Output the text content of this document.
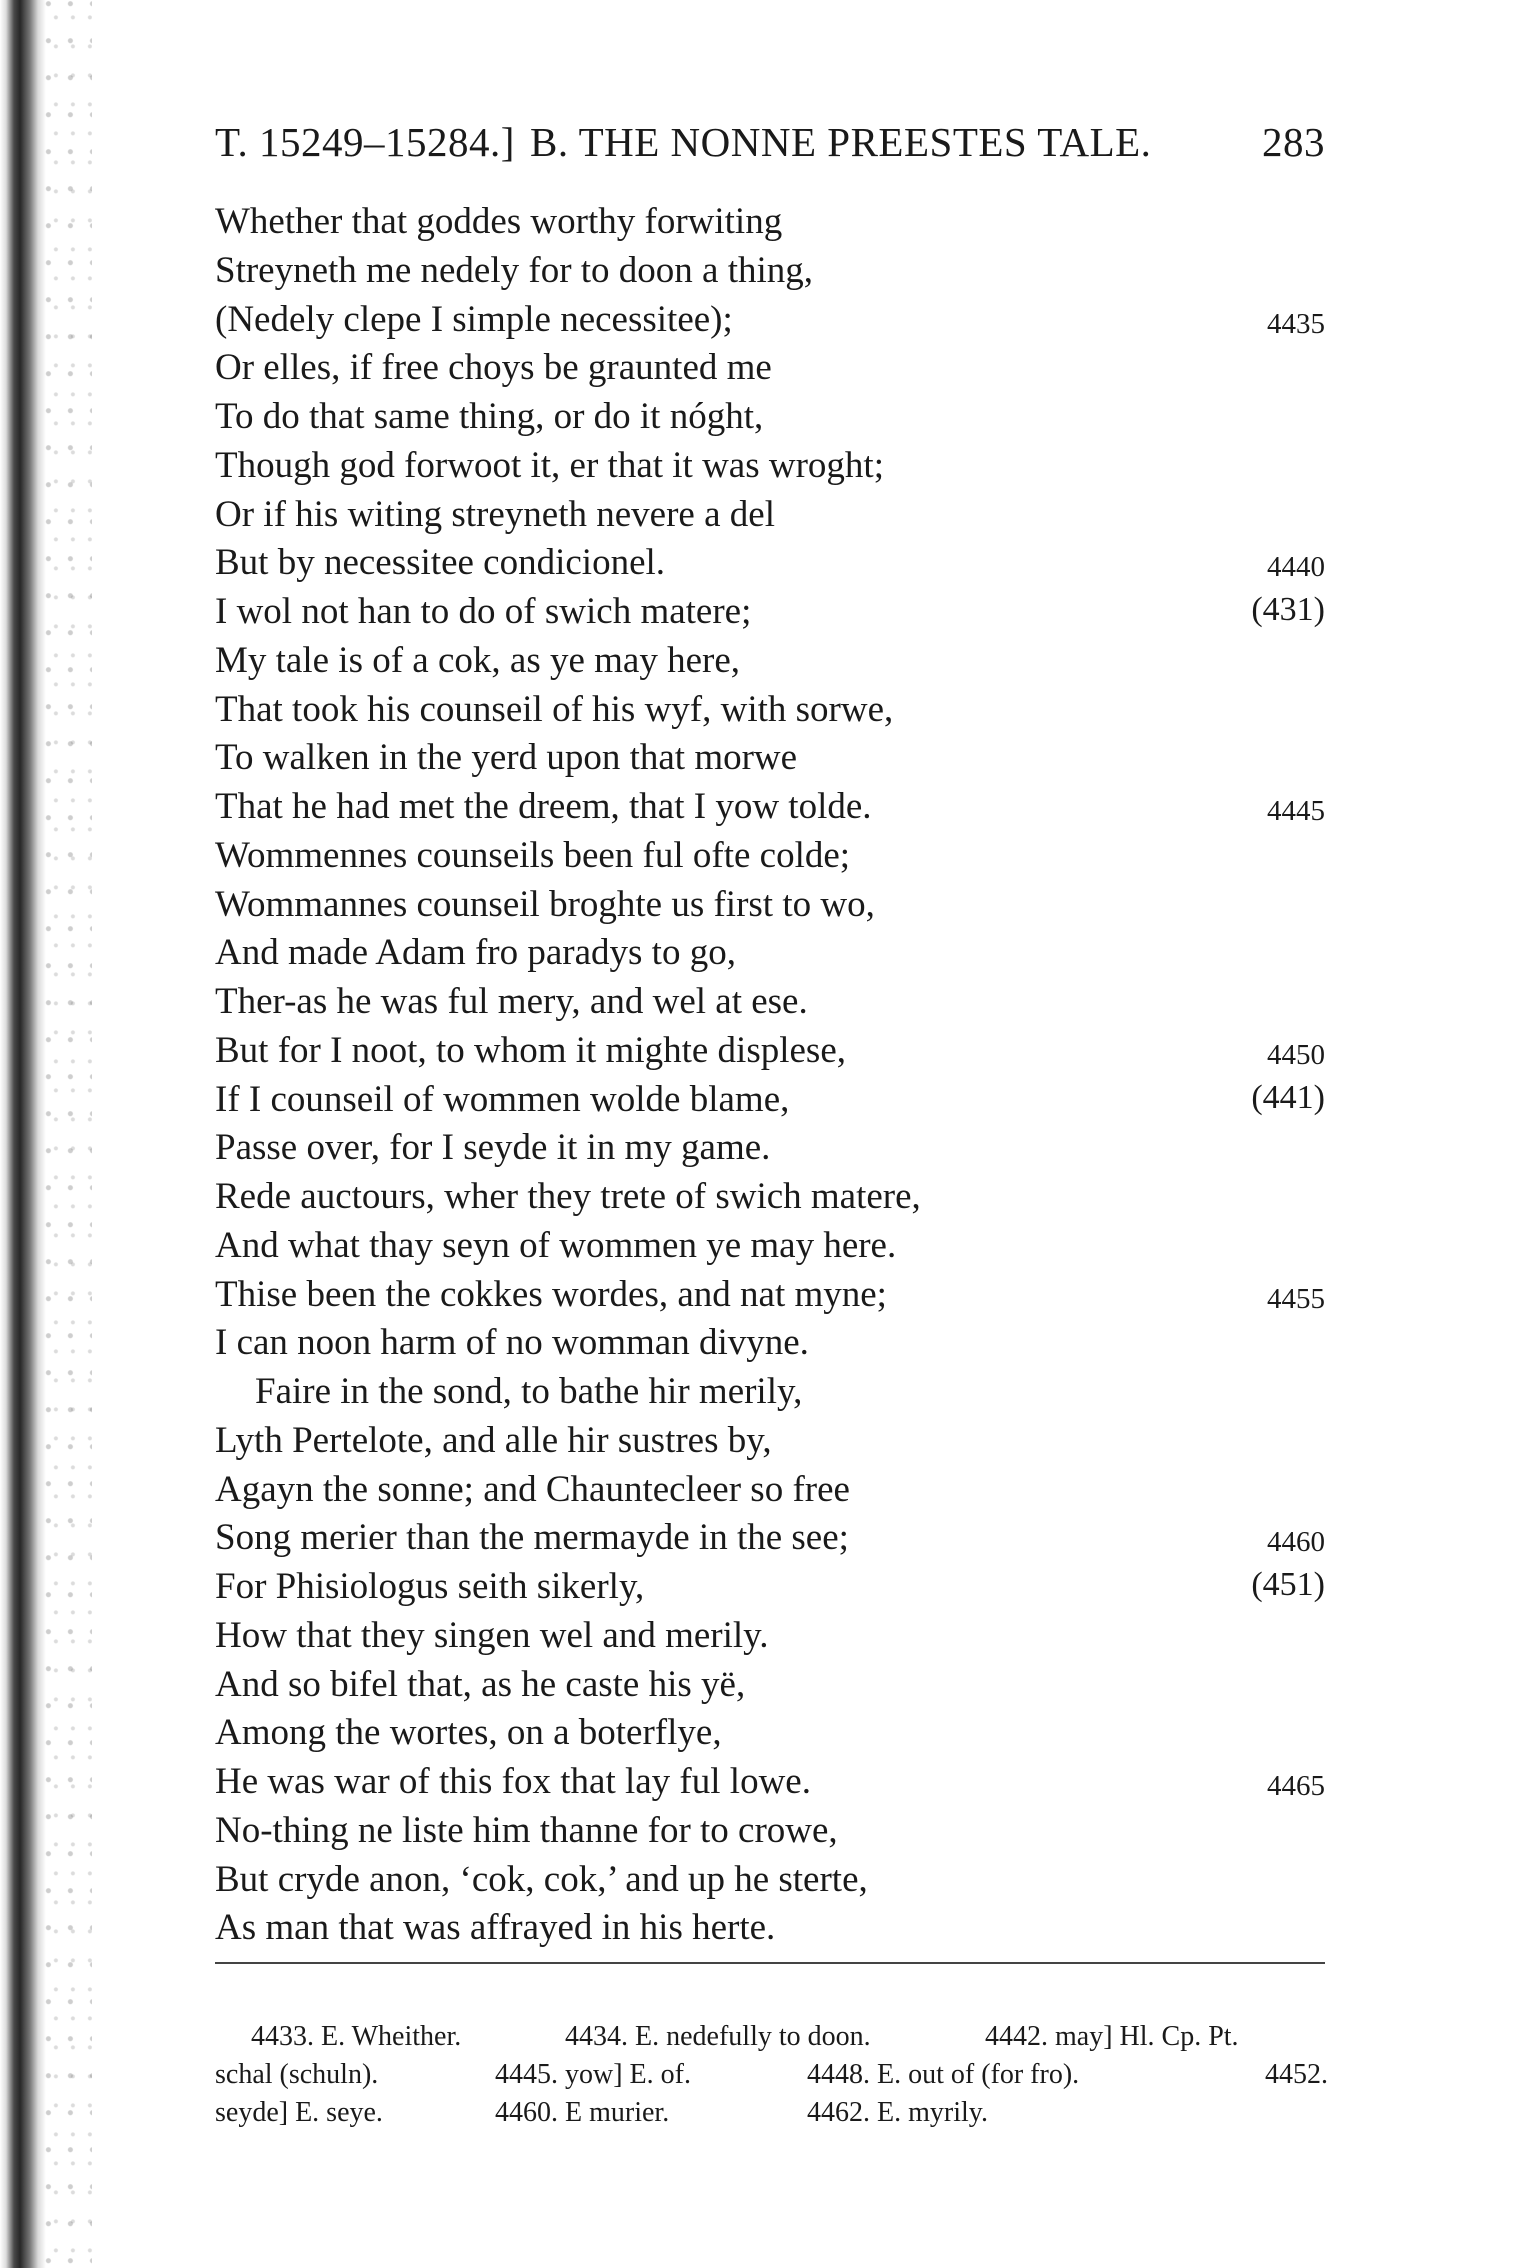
T. 15249–15284.] B. THE NONNE PREESTES TALE.	283
Whether that goddes worthy forwiting
Streyneth me nedely for to doon a thing,
(Nedely clepe I simple necessitee);	4435
Or elles, if free choys be graunted me
To do that same thing, or do it nóght,
Though god forwoot it, er that it was wroght;
Or if his witing streyneth nevere a del
But by necessitee condicionel.	4440
I wol not han to do of swich matere;	(431)
My tale is of a cok, as ye may here,
That took his counseil of his wyf, with sorwe,
To walken in the yerd upon that morwe
That he had met the dreem, that I yow tolde.	4445
Wommennes counseils been ful ofte colde;
Wommannes counseil broghte us first to wo,
And made Adam fro paradys to go,
Ther-as he was ful mery, and wel at ese.
But for I noot, to whom it mighte displese,	4450
If I counseil of wommen wolde blame,	(441)
Passe over, for I seyde it in my game.
Rede auctours, wher they trete of swich matere,
And what thay seyn of wommen ye may here.
Thise been the cokkes wordes, and nat myne;	4455
I can noon harm of no womman divyne.
Faire in the sond, to bathe hir merily,
Lyth Pertelote, and alle hir sustres by,
Agayn the sonne; and Chauntecleer so free
Song merier than the mermayde in the see;	4460
For Phisiologus seith sikerly,	(451)
How that they singen wel and merily.
And so bifel that, as he caste his yë,
Among the wortes, on a boterflye,
He was war of this fox that lay ful lowe.	4465
No-thing ne liste him thanne for to crowe,
But cryde anon, ‘cok, cok,’ and up he sterte,
As man that was affrayed in his herte.
4433. E. Wheither.	4434. E. nedefully to doon.	4442. may] Hl. Cp. Pt.
schal (schuln).	4445. yow] E. of.	4448. E. out of (for fro).	4452.
seyde] E. seye.	4460. E murier.	4462. E. myrily.
